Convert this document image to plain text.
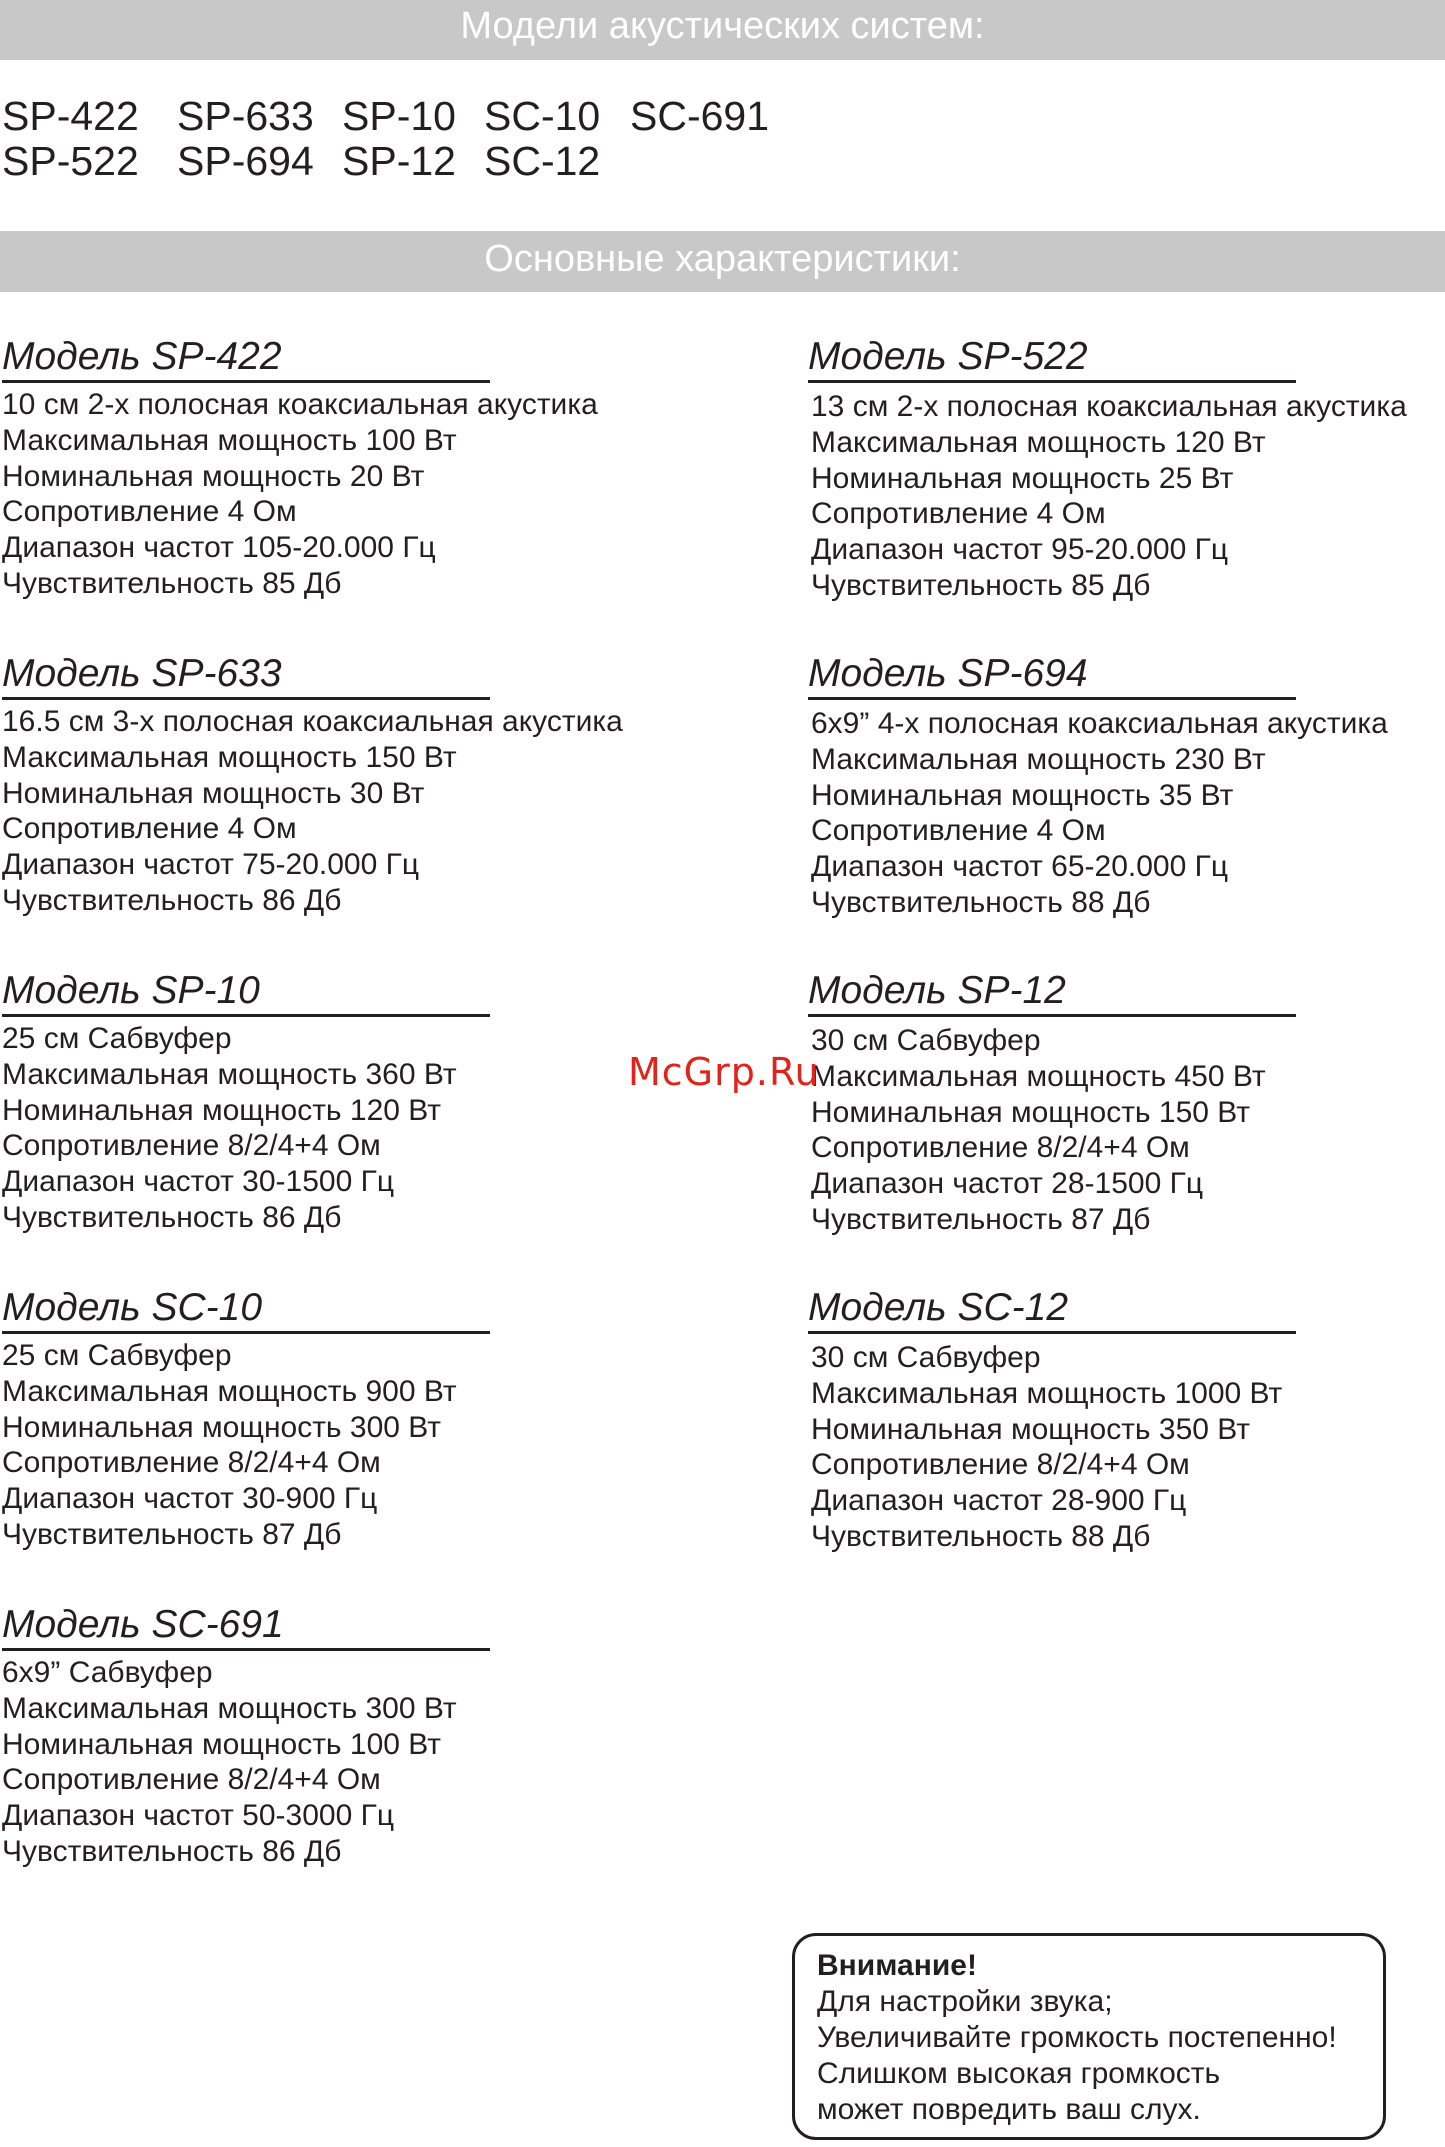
Модели акустических систем:
SP-422 SP-633 SP-10 SC-10 SC-691
SP-522 SP-694 SP-12 SC-12
Основные характеристики:
Модель SP-422
10 см 2-х полосная коаксиальная акустика
Максимальная мощность 100 Вт
Номинальная мощность 20 Вт
Сопротивление 4 Ом
Диапазон частот 105-20.000 Гц
Чувствительность 85 Дб
Модель SP-633
16.5 см 3-х полосная коаксиальная акустика
Максимальная мощность 150 Вт
Номинальная мощность 30 Вт
Сопротивление 4 Ом
Диапазон частот 75-20.000 Гц
Чувствительность 86 Дб
Модель SP-10
25 см Сабвуфер
Максимальная мощность 360 Вт
Номинальная мощность 120 Вт
Сопротивление 8/2/4+4 Ом
Диапазон частот 30-1500 Гц
Чувствительность 86 Дб
Модель SC-10
25 см Сабвуфер
Максимальная мощность 900 Вт
Номинальная мощность 300 Вт
Сопротивление 8/2/4+4 Ом
Диапазон частот 30-900 Гц
Чувствительность 87 Дб
Модель SC-691
6x9” Сабвуфер
Максимальная мощность 300 Вт
Номинальная мощность 100 Вт
Сопротивление 8/2/4+4 Ом
Диапазон частот 50-3000 Гц
Чувствительность 86 Дб
Модель SP-522
13 см 2-х полосная коаксиальная акустика
Максимальная мощность 120 Вт
Номинальная мощность 25 Вт
Сопротивление 4 Ом
Диапазон частот 95-20.000 Гц
Чувствительность 85 Дб
Модель SP-694
6x9” 4-х полосная коаксиальная акустика
Максимальная мощность 230 Вт
Номинальная мощность 35 Вт
Сопротивление 4 Ом
Диапазон частот 65-20.000 Гц
Чувствительность 88 Дб
Модель SP-12
30 см Сабвуфер
Максимальная мощность 450 Вт
Номинальная мощность 150 Вт
Сопротивление 8/2/4+4 Ом
Диапазон частот 28-1500 Гц
Чувствительность 87 Дб
Модель SC-12
30 см Сабвуфер
Максимальная мощность 1000 Вт
Номинальная мощность 350 Вт
Сопротивление 8/2/4+4 Ом
Диапазон частот 28-900 Гц
Чувствительность 88 Дб
McGrp.Ru
Внимание!
Для настройки звука;
Увеличивайте громкость постепенно!
Слишком высокая громкость
может повредить ваш слух.
